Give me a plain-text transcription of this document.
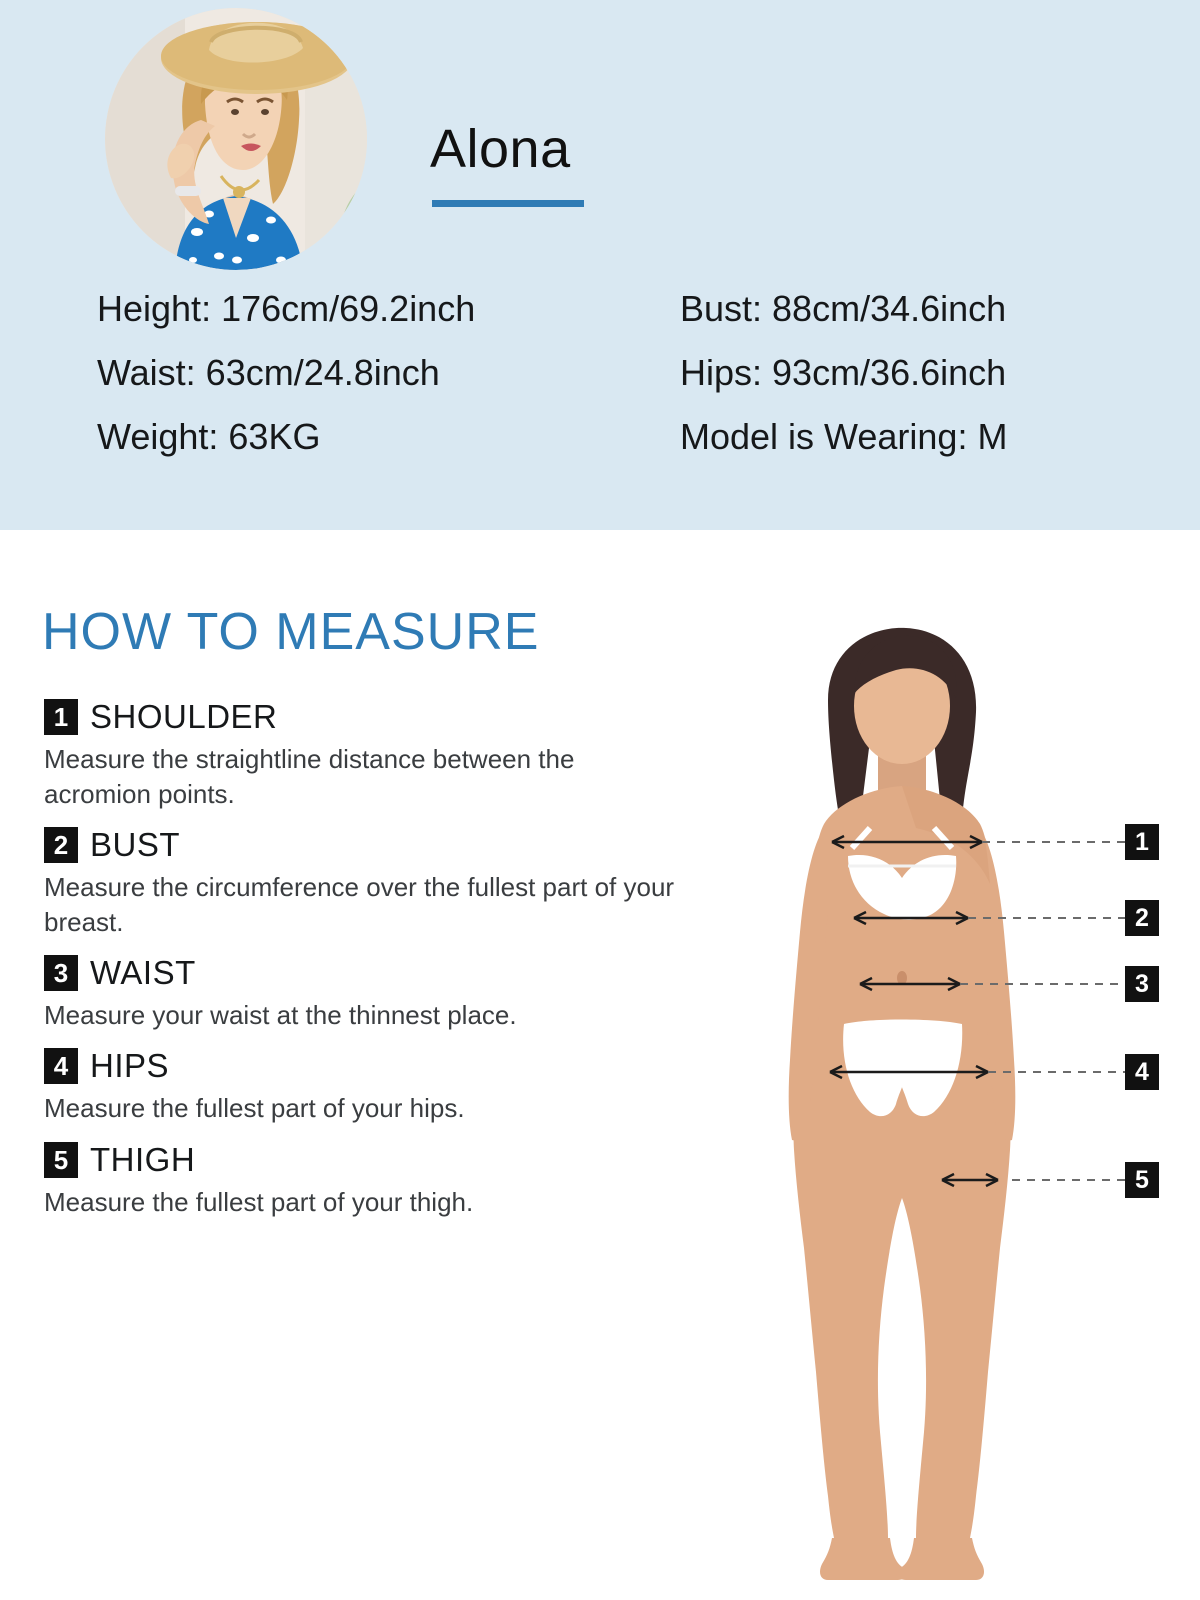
Alona
Height: 176cm/69.2inch	Bust: 88cm/34.6inch
Waist: 63cm/24.8inch	Hips: 93cm/36.6inch
Weight: 63KG	Model is Wearing: M
HOW TO MEASURE
1 SHOULDER
Measure the straightline distance between the acromion points.
2 BUST
Measure the circumference over the fullest part of your breast.
3 WAIST
Measure your waist at the thinnest place.
4 HIPS
Measure the fullest part of your hips.
5 THIGH
Measure the fullest part of your thigh.
1
2
3
4
5
